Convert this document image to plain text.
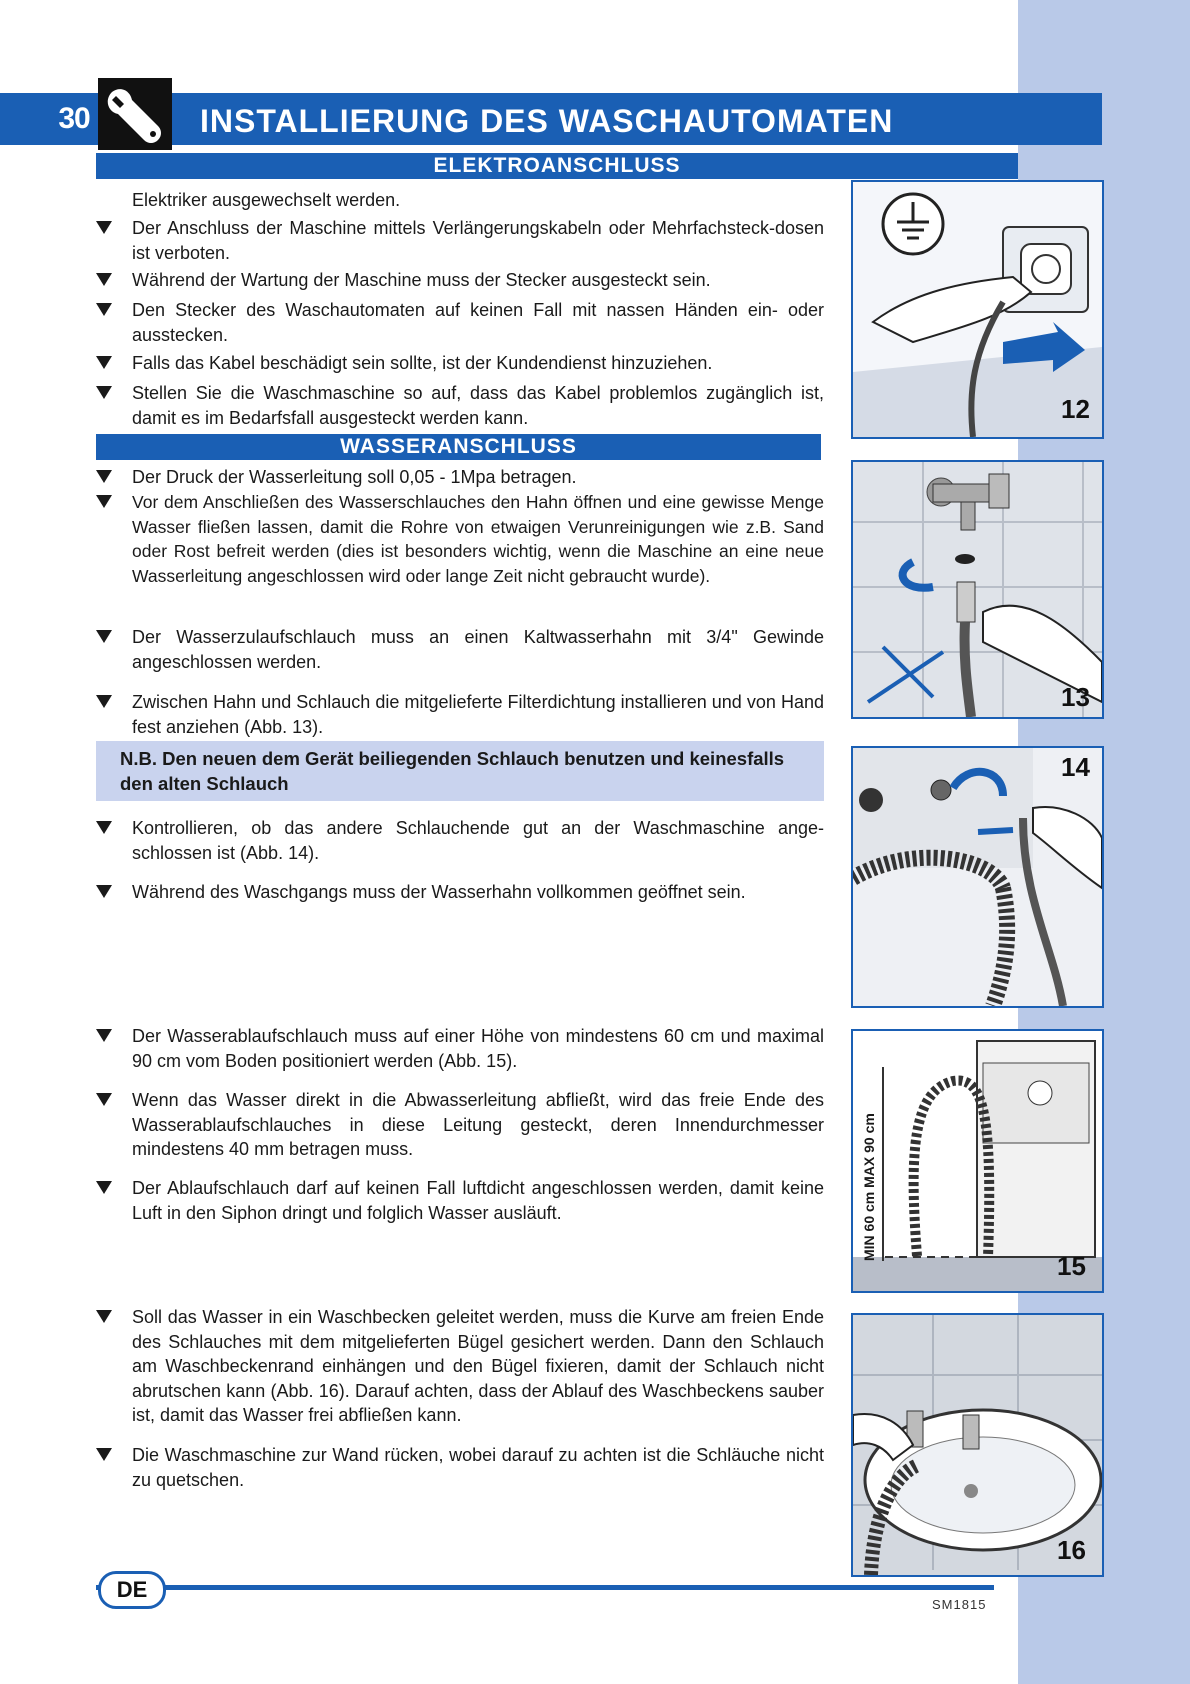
30	INSTALLIERUNG DES WASCHAUTOMATEN
ELEKTROANSCHLUSS
Elektriker ausgewechselt werden.
Der Anschluss der Maschine mittels Verlängerungskabeln oder Mehrfachsteck-dosen ist verboten.
Während der Wartung der Maschine muss der Stecker ausgesteckt sein.
Den Stecker des Waschautomaten auf keinen Fall mit nassen Händen ein- oder ausstecken.
Falls das Kabel beschädigt sein sollte, ist der Kundendienst hinzuziehen.
Stellen Sie die Waschmaschine so auf, dass das Kabel problemlos zugänglich ist, damit es im Bedarfsfall ausgesteckt werden kann.
WASSERANSCHLUSS
Der Druck der Wasserleitung soll 0,05 - 1Mpa betragen.
Vor dem Anschließen des Wasserschlauches den Hahn öffnen und eine gewisse Menge Wasser fließen lassen, damit die Rohre von etwaigen Verunreinigungen wie z.B. Sand oder Rost befreit werden (dies ist besonders wichtig, wenn die Maschine an eine neue Wasserleitung angeschlossen wird oder lange Zeit nicht gebraucht wurde).
Der Wasserzulaufschlauch muss an einen Kaltwasserhahn mit 3/4" Gewinde angeschlossen werden.
Zwischen Hahn und Schlauch die mitgelieferte Filterdichtung installieren und von Hand fest anziehen (Abb. 13).
N.B. Den neuen dem Gerät beiliegenden Schlauch benutzen und keinesfalls den alten Schlauch
Kontrollieren, ob das andere Schlauchende gut an der Waschmaschine ange-schlossen ist (Abb. 14).
Während des Waschgangs muss der Wasserhahn vollkommen geöffnet sein.
Der Wasserablaufschlauch muss auf einer Höhe von mindestens 60 cm und maximal 90 cm vom Boden positioniert werden (Abb. 15).
Wenn das Wasser direkt in die Abwasserleitung abfließt, wird das freie Ende des Wasserablaufschlauches in diese Leitung gesteckt, deren Innendurchmesser mindestens 40 mm betragen muss.
Der Ablaufschlauch darf auf keinen Fall luftdicht angeschlossen werden, damit keine Luft in den Siphon dringt und folglich Wasser ausläuft.
Soll das Wasser in ein Waschbecken geleitet werden, muss die Kurve am freien Ende des Schlauches mit dem mitgelieferten Bügel gesichert werden. Dann den Schlauch am Waschbeckenrand einhängen und den Bügel fixieren, damit der Schlauch nicht abrutschen kann (Abb. 16). Darauf achten, dass der Ablauf des Waschbeckens sauber ist, damit das Wasser frei abfließen kann.
Die Waschmaschine zur Wand rücken, wobei darauf zu achten ist die Schläuche nicht zu quetschen.
12
13
14
MIN 60 cm MAX 90 cm
15
16
DE
SM1815
